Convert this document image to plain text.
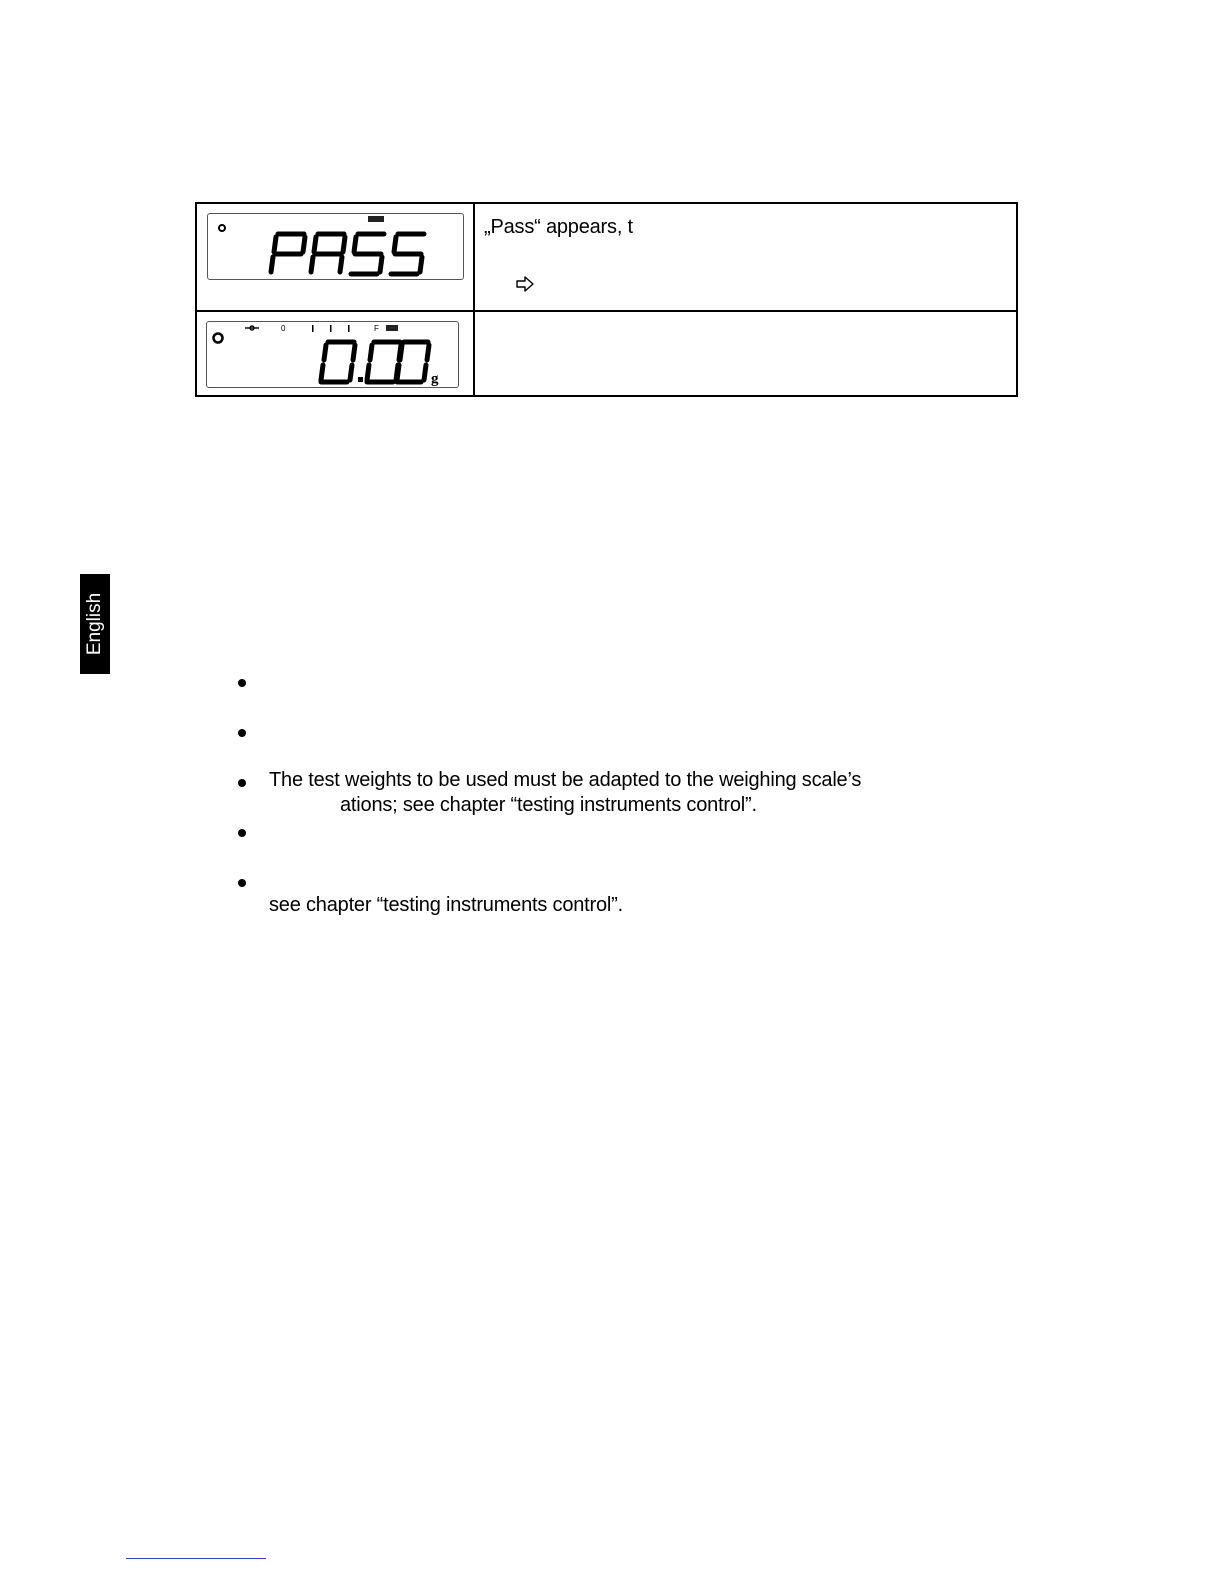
„Pass“ appears, t
0	F
g
English
The test weights to be used must be adapted to the weighing scale’s
ations; see chapter “testing instruments control”.
see chapter “testing instruments control”.
